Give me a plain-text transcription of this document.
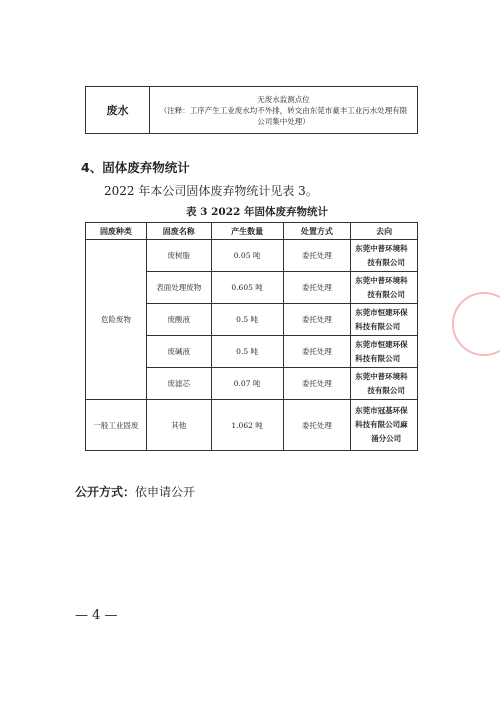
废水	
无废水监测点位
（注释：工序产生工业废水均不外排，转交由东莞市豪丰工业污水处理有限
公司集中处理）
4、固体废弃物统计
2022 年本公司固体废弃物统计见表 3。
表 3 2022 年固体废弃物统计
固废种类	固废名称	产生数量	处置方式	去向
危险废物	废树脂	0.05 吨	委托处理	东莞中普环境科
技有限公司

	表面处理废物	0.605 吨	委托处理	东莞中普环境科
技有限公司

	废酸液	0.5 吨	委托处理	东莞市恒建环保
科技有限公司

	废碱液	0.5 吨	委托处理	东莞市恒建环保
科技有限公司

	废滤芯	0.07 吨	委托处理	东莞中普环境科
技有限公司

一般工业固废	其他	1.062 吨	委托处理	东莞市冠基环保
科技有限公司麻
涌分公司
公开方式：依申请公开
— 4 —
